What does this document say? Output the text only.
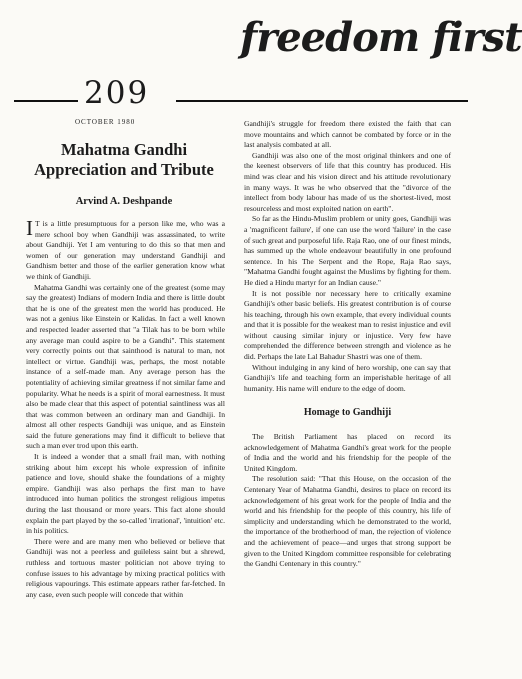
freedom first
209
OCTOBER 1980
Mahatma Gandhi
Appreciation and Tribute
Arvind A. Deshpande

I T is a little presumptuous for a person like me, who was a mere school boy when Gandhiji was assassinated, to write about Gandhiji. Yet I am venturing to do this so that men and women of our generation may understand Gandhiji and Gandhism better and those of the earlier generation know what we think of Gandhiji.

Mahatma Gandhi was certainly one of the greatest (some may say the greatest) Indians of modern India and there is little doubt that he is one of the greatest men the world has produced. He was not a genius like Einstein or Kalidas. In fact a well known and respected leader asserted that "a Tilak has to be born while any average man could aspire to be a Gandhi". This statement very correctly points out that sainthood is natural to man, not intellect or virtue. Gandhiji was, perhaps, the most notable instance of a self-made man. Any average person has the potentiality of achieving similar greatness if not similar fame and popularity. What he needs is a spirit of moral earnestness. It must also be made clear that this aspect of potential saintliness was all that was common between an ordinary man and Gandhiji. In almost all other respects Gandhiji was unique, and as Einstein said the future generations may find it difficult to believe that such a man ever trod upon this earth.

It is indeed a wonder that a small frail man, with nothing striking about him except his whole expression of infinite patience and love, should shake the foundations of a mighty empire. Gandhiji was also perhaps the first man to have introduced into human politics the strongest religious impetus during the last thousand or more years. This fact alone should explain the part played by the so-called 'irrational', 'intuition' etc. in his politics.

There were and are many men who believed or believe that Gandhiji was not a peerless and guileless saint but a shrewd, ruthless and tortuous master politician not above trying to confuse issues to his advantage by mixing practical politics with religious vapourings. This estimate appears rather far-fetched. In any case, even such people will concede that within

Gandhiji's struggle for freedom there existed the faith that can move mountains and which cannot be combated by force or in the last analysis combated at all.

Gandhiji was also one of the most original thinkers and one of the keenest observers of life that this country has produced. His mind was clear and his vision direct and his attitude revolutionary in many ways. It was he who observed that the "divorce of the intellect from body labour has made of us the shortest-lived, most resourceless and most exploited nation on earth".

So far as the Hindu-Muslim problem or unity goes, Gandhiji was a 'magnificent failure', if one can use the word 'failure' in the case of such great and purposeful life. Raja Rao, one of our finest minds, has summed up the whole endeavour beautifully in one profound sentence. In his The Serpent and the Rope, Raja Rao says, "Mahatma Gandhi fought against the Muslims by fighting for them. He died a Hindu martyr for an Indian cause."

It is not possible nor necessary here to critically examine Gandhiji's other basic beliefs. His greatest contribution is of course his teaching, through his own example, that every individual counts and that it is possible for the weakest man to resist injustice and evil without causing similar injury or injustice. Very few have comprehended the difference between strength and violence as he did. Perhaps the late Lal Bahadur Shastri was one of them.

Without indulging in any kind of hero worship, one can say that Gandhiji's life and teaching form an imperishable heritage of all humanity. His name will endure to the edge of doom.

Homage to Gandhiji

The British Parliament has placed on record its acknowledgement of Mahatma Gandhi's great work for the people of India and the world and his friendship for the people of the United Kingdom.

The resolution said: "That this House, on the occasion of the Centenary Year of Mahatma Gandhi, desires to place on record its acknowledgement of his great work for the people of India and the world and his friendship for the people of this country, his life of simplicity and understanding which he demonstrated to the world, the importance of the brotherhood of man, the rejection of violence and the achievement of peace—and urges that strong support be given to the United Kingdom committee responsible for celebrating the Gandhi Centenary in this country."
